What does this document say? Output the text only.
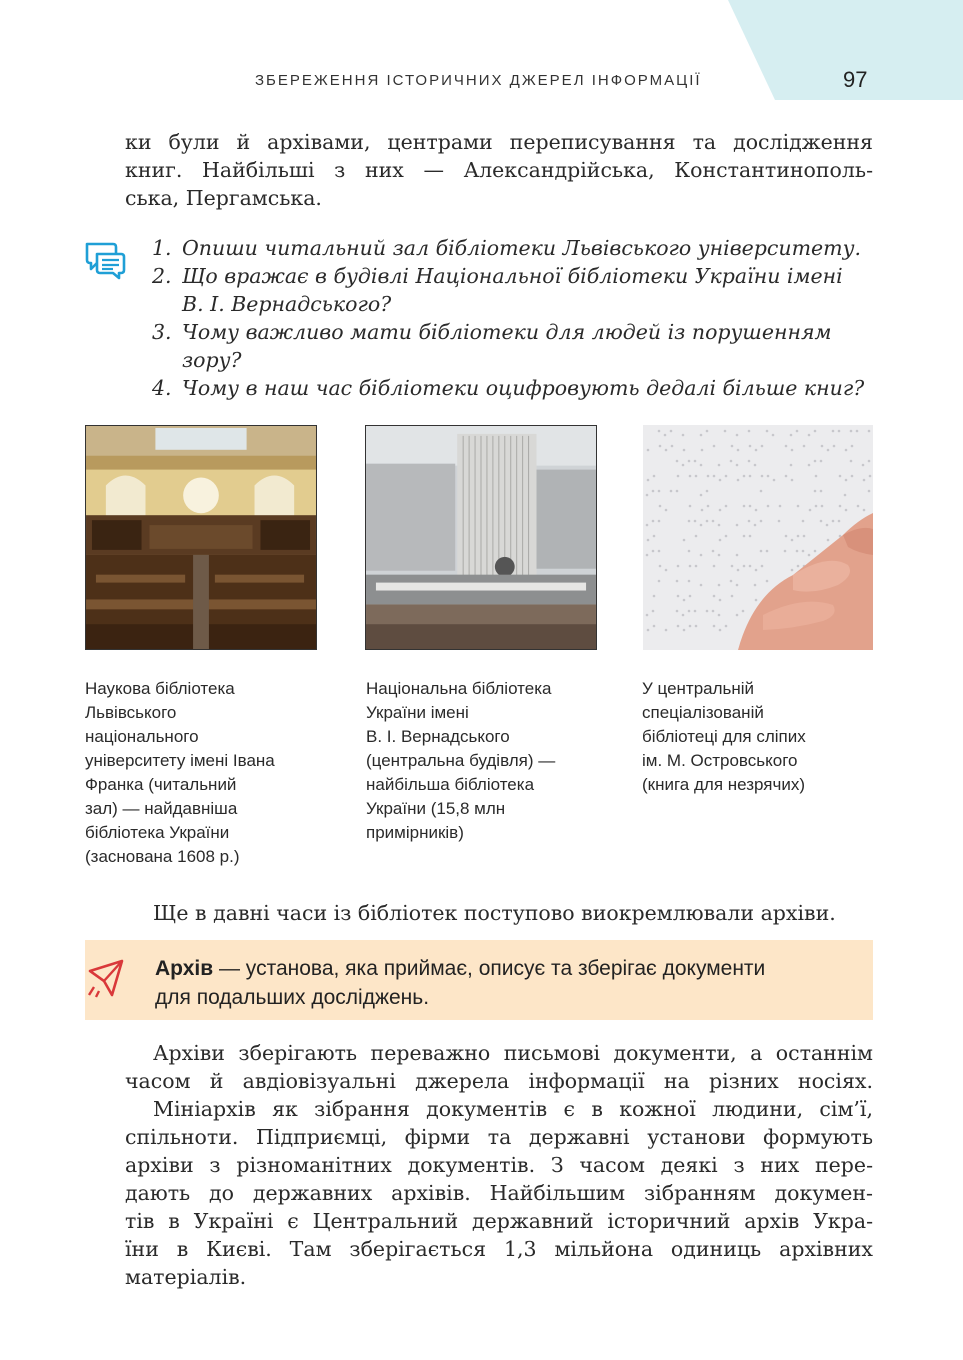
ЗБЕРЕЖЕННЯ ІСТОРИЧНИХ ДЖЕРЕЛ ІНФОРМАЦІЇ	97

ки були й архівами, центрами переписування та дослідження
книг. Найбільші з них — Александрійська, Константинополь-
ська, Пергамська.

1. Опиши читальний зал бібліотеки Львівського університету.
2. Що вражає в будівлі Національної бібліотеки України імені
В. І. Вернадського?
3. Чому важливо мати бібліотеки для людей із порушенням
зору?
4. Чому в наш час бібліотеки оцифровують дедалі більше книг?

Наукова бібліотека
Львівського
національного
університету імені Івана
Франка (читальний
зал) — найдавніша
бібліотека України
(заснована 1608 р.)

Національна бібліотека
України імені
В. І. Вернадського
(центральна будівля) —
найбільша бібліотека
України (15,8 млн
примірників)

У центральній
спеціалізованій
бібліотеці для сліпих
ім. М. Островського
(книга для незрячих)

Ще в давні часи із бібліотек поступово виокремлювали архіви.

Архів — установа, яка приймає, описує та зберігає документи
для подальших досліджень.

Архіви зберігають переважно письмові документи, а останнім
часом й авдіовізуальні джерела інформації на різних носіях.

Мініархів як зібрання документів є в кожної людини, сім’ї,
спільноти. Підприємці, фірми та державні установи формують
архіви з різноманітних документів. З часом деякі з них пере-
дають до державних архівів. Найбільшим зібранням докумен-
тів в Україні є Центральний державний історичний архів Укра-
їни в Києві. Там зберігається 1,3 мільйона одиниць архівних
матеріалів.
